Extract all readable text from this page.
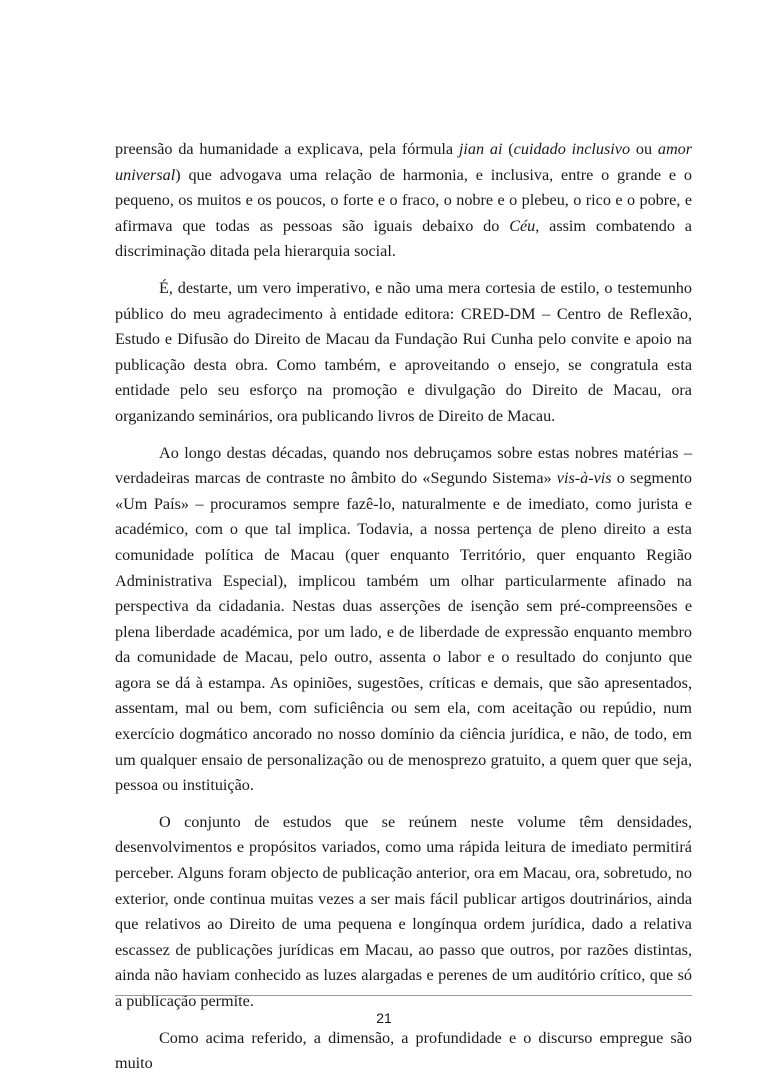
preensão da humanidade a explicava, pela fórmula jian ai (cuidado inclusivo ou amor universal) que advogava uma relação de harmonia, e inclusiva, entre o grande e o pequeno, os muitos e os poucos, o forte e o fraco, o nobre e o plebeu, o rico e o pobre, e afirmava que todas as pessoas são iguais debaixo do Céu, assim combatendo a discriminação ditada pela hierarquia social.

É, destarte, um vero imperativo, e não uma mera cortesia de estilo, o testemunho público do meu agradecimento à entidade editora: CRED-DM – Centro de Reflexão, Estudo e Difusão do Direito de Macau da Fundação Rui Cunha pelo convite e apoio na publicação desta obra. Como também, e aproveitando o ensejo, se congratula esta entidade pelo seu esforço na promoção e divulgação do Direito de Macau, ora organizando seminários, ora publicando livros de Direito de Macau.

Ao longo destas décadas, quando nos debruçamos sobre estas nobres matérias – verdadeiras marcas de contraste no âmbito do «Segundo Sistema» vis-à-vis o segmento «Um País» – procuramos sempre fazê-lo, naturalmente e de imediato, como jurista e académico, com o que tal implica. Todavia, a nossa pertença de pleno direito a esta comunidade política de Macau (quer enquanto Território, quer enquanto Região Administrativa Especial), implicou também um olhar particularmente afinado na perspectiva da cidadania. Nestas duas asserções de isenção sem pré-compreensões e plena liberdade académica, por um lado, e de liberdade de expressão enquanto membro da comunidade de Macau, pelo outro, assenta o labor e o resultado do conjunto que agora se dá à estampa. As opiniões, sugestões, críticas e demais, que são apresentados, assentam, mal ou bem, com suficiência ou sem ela, com aceitação ou repúdio, num exercício dogmático ancorado no nosso domínio da ciência jurídica, e não, de todo, em um qualquer ensaio de personalização ou de menosprezo gratuito, a quem quer que seja, pessoa ou instituição.

O conjunto de estudos que se reúnem neste volume têm densidades, desenvolvimentos e propósitos variados, como uma rápida leitura de imediato permitirá perceber. Alguns foram objecto de publicação anterior, ora em Macau, ora, sobretudo, no exterior, onde continua muitas vezes a ser mais fácil publicar artigos doutrinários, ainda que relativos ao Direito de uma pequena e longínqua ordem jurídica, dado a relativa escassez de publicações jurídicas em Macau, ao passo que outros, por razões distintas, ainda não haviam conhecido as luzes alargadas e perenes de um auditório crítico, que só a publicação permite.

Como acima referido, a dimensão, a profundidade e o discurso empregue são muito

21
